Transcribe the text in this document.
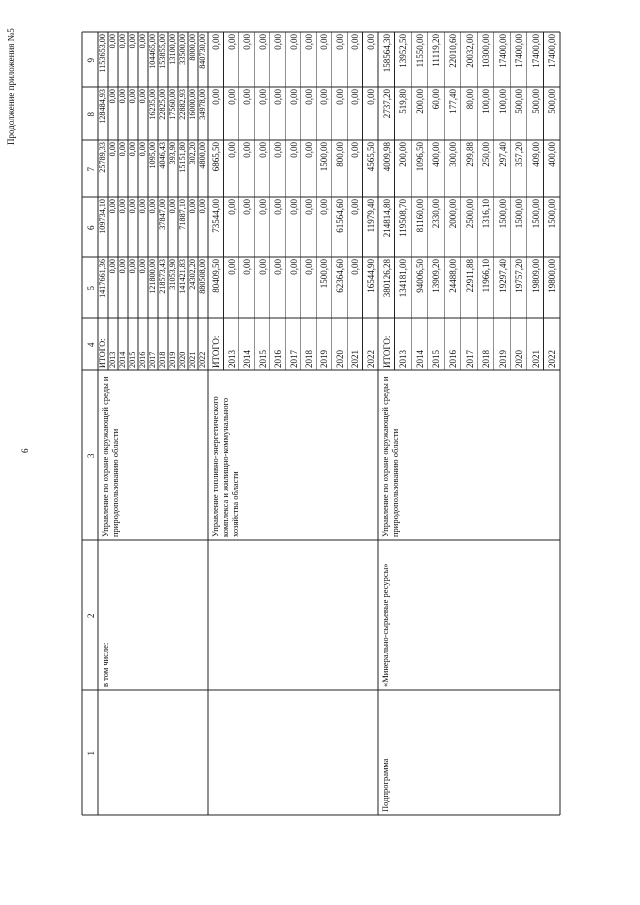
Продолжение приложения №5
6
1
2
3
4
5
6
7
8
9
в том числе:
Управление по охране окружающей среды и природопользованию области
ИТОГО:
1417661,36
109734,10
25789,33
128484,93
1153653,00
2013
0,00
0,00
0,00
0,00
0,00
2014
0,00
0,00
0,00
0,00
0,00
2015
0,00
0,00
0,00
0,00
0,00
2016
0,00
0,00
0,00
0,00
0,00
2017
121800,00
0,00
1095,00
16235,00
104465,00
2018
218573,43
37847,00
4046,43
22825,00
153855,00
2019
31053,90
0,00
393,90
17560,00
13100,00
2020
141421,83
71887,10
15151,80
22882,93
33500,00
2021
24302,20
0,00
302,20
16000,00
8000,00
2022
880508,00
0,00
4800,00
34978,00
840730,00
Управление топливно-энергетического комплекса и жилищно-коммунального хозяйства области
ИТОГО:
80409,50
73544,00
6865,50
0,00
0,00
2013
0,00
0,00
0,00
0,00
0,00
2014
0,00
0,00
0,00
0,00
0,00
2015
0,00
0,00
0,00
0,00
0,00
2016
0,00
0,00
0,00
0,00
0,00
2017
0,00
0,00
0,00
0,00
0,00
2018
0,00
0,00
0,00
0,00
0,00
2019
1500,00
0,00
1500,00
0,00
0,00
2020
62364,60
61564,60
800,00
0,00
0,00
2021
0,00
0,00
0,00
0,00
0,00
2022
16544,90
11979,40
4565,50
0,00
0,00
Подпрограмма
«Минерально-сырьевые ресурсы»
Управление по охране окружающей среды и природопользованию области
ИТОГО:
380126,28
214814,80
4009,98
2737,20
158564,30
2013
134181,00
119508,70
200,00
519,80
13952,50
2014
94006,50
81160,00
1096,50
200,00
11550,00
2015
13909,20
2330,00
400,00
60,00
11119,20
2016
24488,00
2000,00
300,00
177,40
22010,60
2017
22911,88
2500,00
299,88
80,00
20032,00
2018
11966,10
1316,10
250,00
100,00
10300,00
2019
19297,40
1500,00
297,40
100,00
17400,00
2020
19757,20
1500,00
357,20
500,00
17400,00
2021
19809,00
1500,00
409,00
500,00
17400,00
2022
19800,00
1500,00
400,00
500,00
17400,00
